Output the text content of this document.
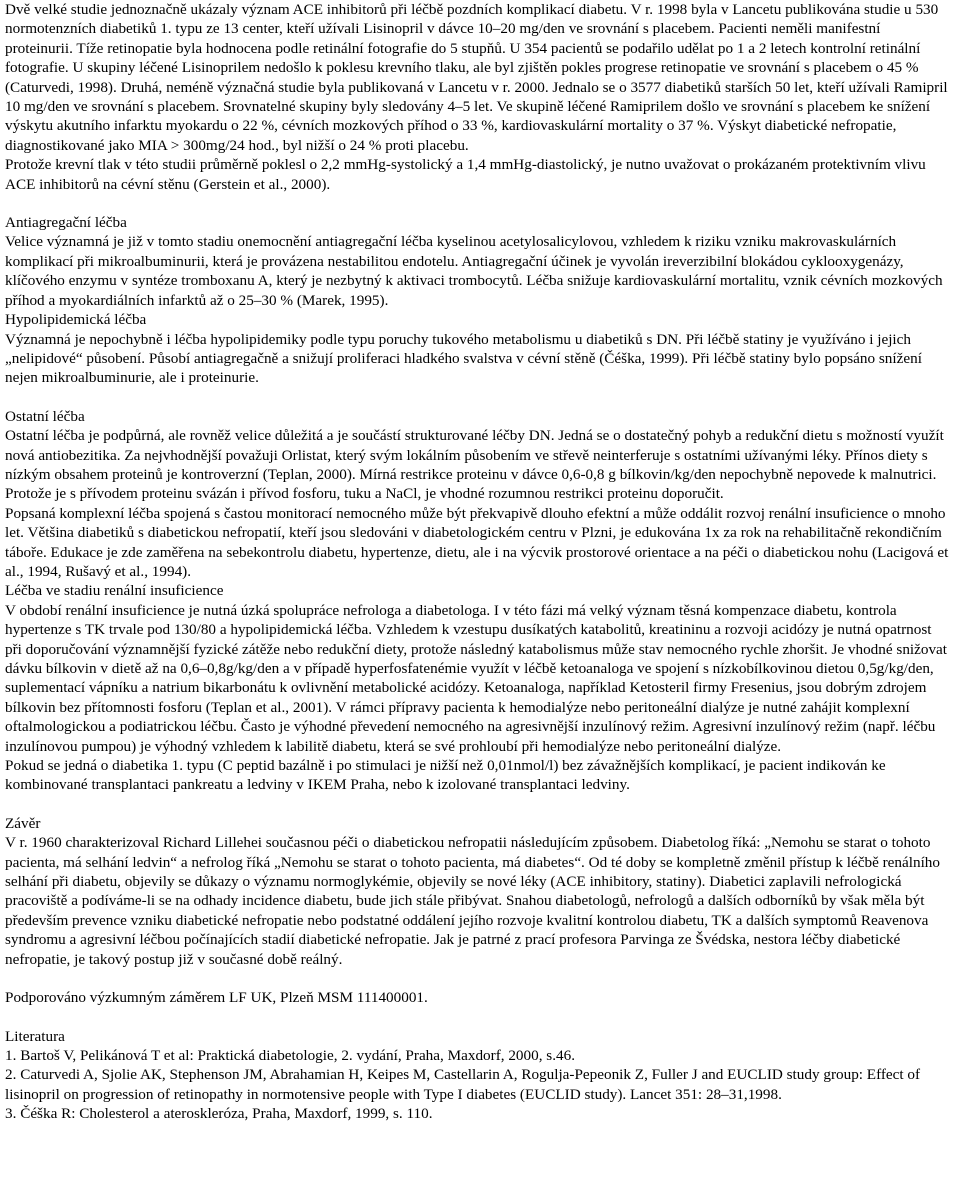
Dvě velké studie jednoznačně ukázaly význam ACE inhibitorů při léčbě pozdních komplikací diabetu. V r. 1998 byla v Lancetu publikována studie u 530 normotenzních diabetiků 1. typu ze 13 center, kteří užívali Lisinopril v dávce 10–20 mg/den ve srovnání s placebem. Pacienti neměli manifestní proteinurii. Tíže retinopatie byla hodnocena podle retinální fotografie do 5 stupňů. U 354 pacientů se podařilo udělat po 1 a 2 letech kontrolní retinální fotografie. U skupiny léčené Lisinoprilem nedošlo k poklesu krevního tlaku, ale byl zjištěn pokles progrese retinopatie ve srovnání s placebem o 45 % (Caturvedi, 1998). Druhá, neméně význačná studie byla publikovaná v Lancetu v r. 2000. Jednalo se o 3577 diabetiků starších 50 let, kteří užívali Ramipril 10 mg/den ve srovnání s placebem. Srovnatelné skupiny byly sledovány 4–5 let. Ve skupině léčené Ramiprilem došlo ve srovnání s placebem ke snížení výskytu akutního infarktu myokardu o 22 %, cévních mozkových příhod o 33 %, kardiovaskulární mortality o 37 %. Výskyt diabetické nefropatie, diagnostikované jako MIA > 300mg/24 hod., byl nižší o 24 % proti placebu.

Protože krevní tlak v této studii průměrně poklesl o 2,2 mmHg-systolický a 1,4 mmHg-diastolický, je nutno uvažovat o prokázaném protektivním vlivu ACE inhibitorů na cévní stěnu (Gerstein et al., 2000).

Antiagregační léčba

Velice významná je již v tomto stadiu onemocnění antiagregační léčba kyselinou acetylosalicylovou, vzhledem k riziku vzniku makrovaskulárních komplikací při mikroalbuminurii, která je provázena nestabilitou endotelu. Antiagregační účinek je vyvolán ireverzibilní blokádou cyklooxygenázy, klíčového enzymu v syntéze tromboxanu A, který je nezbytný k aktivaci trombocytů. Léčba snižuje kardiovaskulární mortalitu, vznik cévních mozkových příhod a myokardiálních infarktů až o 25–30 % (Marek, 1995).

Hypolipidemická léčba

Významná je nepochybně i léčba hypolipidemiky podle typu poruchy tukového metabolismu u diabetiků s DN. Při léčbě statiny je využíváno i jejich „nelipidové“ působení. Působí antiagregačně a snižují proliferaci hladkého svalstva v cévní stěně (Čéška, 1999). Při léčbě statiny bylo popsáno snížení nejen mikroalbuminurie, ale i proteinurie.

Ostatní léčba

Ostatní léčba je podpůrná, ale rovněž velice důležitá a je součástí strukturované léčby DN. Jedná se o dostatečný pohyb a redukční dietu s možností využít nová antiobezitika. Za nejvhodnější považuji Orlistat, který svým lokálním působením ve střevě neinterferuje s ostatními užívanými léky. Přínos diety s nízkým obsahem proteinů je kontroverzní (Teplan, 2000). Mírná restrikce proteinu v dávce 0,6-0,8 g bílkovin/kg/den nepochybně nepovede k malnutrici. Protože je s přívodem proteinu svázán i přívod fosforu, tuku a NaCl, je vhodné rozumnou restrikci proteinu doporučit.

Popsaná komplexní léčba spojená s častou monitorací nemocného může být překvapivě dlouho efektní a může oddálit rozvoj renální insuficience o mnoho let. Většina diabetiků s diabetickou nefropatií, kteří jsou sledováni v diabetologickém centru v Plzni, je edukována 1x za rok na rehabilitačně rekondičním táboře. Edukace je zde zaměřena na sebekontrolu diabetu, hypertenze, dietu, ale i na výcvik prostorové orientace a na péči o diabetickou nohu (Lacigová et al., 1994, Rušavý et al., 1994).

Léčba ve stadiu renální insuficience

V období renální insuficience je nutná úzká spolupráce nefrologa a diabetologa. I v této fázi má velký význam těsná kompenzace diabetu, kontrola hypertenze s TK trvale pod 130/80 a hypolipidemická léčba. Vzhledem k vzestupu dusíkatých katabolitů, kreatininu a rozvoji acidózy je nutná opatrnost při doporučování významnější fyzické zátěže nebo redukční diety, protože následný katabolismus může stav nemocného rychle zhoršit. Je vhodné snižovat dávku bílkovin v dietě až na 0,6–0,8g/kg/den a v případě hyperfosfatenémie využít v léčbě ketoanaloga ve spojení s nízkobílkovinou dietou 0,5g/kg/den, suplementací vápníku a natrium bikarbonátu k ovlivnění metabolické acidózy. Ketoanaloga, například Ketosteril firmy Fresenius, jsou dobrým zdrojem bílkovin bez přítomnosti fosforu (Teplan et al., 2001). V rámci přípravy pacienta k hemodialýze nebo peritoneální dialýze je nutné zahájit komplexní oftalmologickou a podiatrickou léčbu. Často je výhodné převedení nemocného na agresivnější inzulínový režim. Agresivní inzulínový režim (např. léčbu inzulínovou pumpou) je výhodný vzhledem k labilitě diabetu, která se své prohloubí při hemodialýze nebo peritoneální dialýze.

Pokud se jedná o diabetika 1. typu (C peptid bazálně i po stimulaci je nižší než 0,01nmol/l) bez závažnějších komplikací, je pacient indikován ke kombinované transplantaci pankreatu a ledviny v IKEM Praha, nebo k izolované transplantaci ledviny.

Závěr

V r. 1960 charakterizoval Richard Lillehei současnou péči o diabetickou nefropatii následujícím způsobem. Diabetolog říká: „Nemohu se starat o tohoto pacienta, má selhání ledvin“ a nefrolog říká „Nemohu se starat o tohoto pacienta, má diabetes“. Od té doby se kompletně změnil přístup k léčbě renálního selhání při diabetu, objevily se důkazy o významu normoglykémie, objevily se nové léky (ACE inhibitory, statiny). Diabetici zaplavili nefrologická pracoviště a podíváme-li se na odhady incidence diabetu, bude jich stále přibývat. Snahou diabetologů, nefrologů a dalších odborníků by však měla být především prevence vzniku diabetické nefropatie nebo podstatné oddálení jejího rozvoje kvalitní kontrolou diabetu, TK a dalších symptomů Reavenova syndromu a agresivní léčbou počínajících stadií diabetické nefropatie. Jak je patrné z prací profesora Parvinga ze Švédska, nestora léčby diabetické nefropatie, je takový postup již v současné době reálný.

Podporováno výzkumným záměrem LF UK, Plzeň MSM 111400001.

Literatura

1. Bartoš V, Pelikánová T et al: Praktická diabetologie, 2. vydání, Praha, Maxdorf, 2000, s.46.

2. Caturvedi A, Sjolie AK, Stephenson JM, Abrahamian H, Keipes M, Castellarin A, Rogulja-Pepeonik Z, Fuller J and EUCLID study group: Effect of lisinopril on progression of retinopathy in normotensive people with Type I diabetes (EUCLID study). Lancet 351: 28–31,1998.

3. Čéška R: Cholesterol a ateroskleróza, Praha, Maxdorf, 1999, s. 110.
